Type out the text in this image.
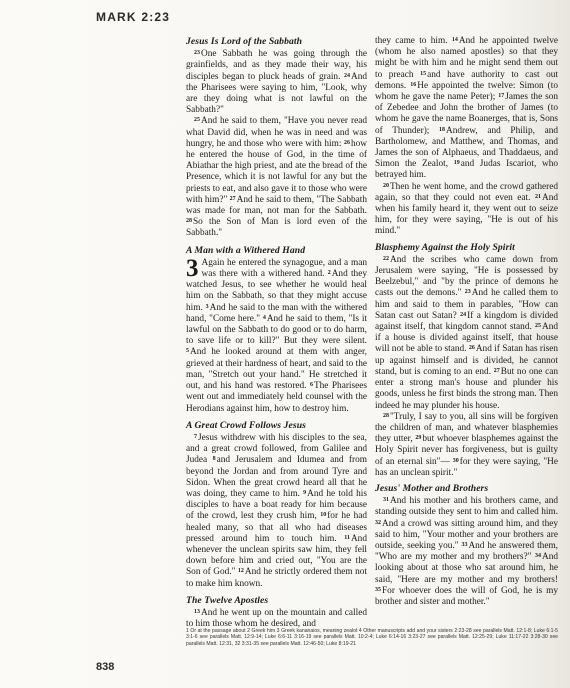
MARK 2:23
Jesus Is Lord of the Sabbath

$^{23}$One Sabbath he was going through the grainfields, and as they made their way, his disciples began to pluck heads of grain. $^{24}$And the Pharisees were saying to him, "Look, why are they doing what is not lawful on the Sabbath?"

$^{25}$And he said to them, "Have you never read what David did, when he was in need and was hungry, he and those who were with him: $^{26}$how he entered the house of God, in the time of Abiathar the high priest, and ate the bread of the Presence, which it is not lawful for any but the priests to eat, and also gave it to those who were with him?" $^{27}$And he said to them, "The Sabbath was made for man, not man for the Sabbath. $^{28}$So the Son of Man is lord even of the Sabbath."

A Man with a Withered Hand

3 Again he entered the synagogue, and a man was there with a withered hand. $^2$And they watched Jesus, to see whether he would heal him on the Sabbath, so that they might accuse him. $^3$And he said to the man with the withered hand, "Come here." $^4$And he said to them, "Is it lawful on the Sabbath to do good or to do harm, to save life or to kill?" But they were silent. $^5$And he looked around at them with anger, grieved at their hardness of heart, and said to the man, "Stretch out your hand." He stretched it out, and his hand was restored. $^6$The Pharisees went out and immediately held counsel with the Herodians against him, how to destroy him.

A Great Crowd Follows Jesus

$^7$Jesus withdrew with his disciples to the sea, and a great crowd followed, from Galilee and Judea $^8$and Jerusalem and Idumea and from beyond the Jordan and from around Tyre and Sidon. When the great crowd heard all that he was doing, they came to him. $^9$And he told his disciples to have a boat ready for him because of the crowd, lest they crush him, $^{10}$for he had healed many, so that all who had diseases pressed around him to touch him. $^{11}$And whenever the unclean spirits saw him, they fell down before him and cried out, "You are the Son of God." $^{12}$And he strictly ordered them not to make him known.

The Twelve Apostles

$^{13}$And he went up on the mountain and called to him those whom he desired, and

they came to him. $^{14}$And he appointed twelve (whom he also named apostles) so that they might be with him and he might send them out to preach $^{15}$and have authority to cast out demons. $^{16}$He appointed the twelve: Simon (to whom he gave the name Peter); $^{17}$James the son of Zebedee and John the brother of James (to whom he gave the name Boanerges, that is, Sons of Thunder); $^{18}$Andrew, and Philip, and Bartholomew, and Matthew, and Thomas, and James the son of Alphaeus, and Thaddaeus, and Simon the Zealot, $^{19}$and Judas Iscariot, who betrayed him.

$^{20}$Then he went home, and the crowd gathered again, so that they could not even eat. $^{21}$And when his family heard it, they went out to seize him, for they were saying, "He is out of his mind."

Blasphemy Against the Holy Spirit

$^{22}$And the scribes who came down from Jerusalem were saying, "He is possessed by Beelzebul," and "by the prince of demons he casts out the demons." $^{23}$And he called them to him and said to them in parables, "How can Satan cast out Satan? $^{24}$If a kingdom is divided against itself, that kingdom cannot stand. $^{25}$And if a house is divided against itself, that house will not be able to stand. $^{26}$And if Satan has risen up against himself and is divided, he cannot stand, but is coming to an end. $^{27}$But no one can enter a strong man's house and plunder his goods, unless he first binds the strong man. Then indeed he may plunder his house.

$^{28}$"Truly, I say to you, all sins will be forgiven the children of man, and whatever blasphemies they utter, $^{29}$but whoever blasphemes against the Holy Spirit never has forgiveness, but is guilty of an eternal sin"— $^{30}$for they were saying, "He has an unclean spirit."

Jesus' Mother and Brothers

$^{31}$And his mother and his brothers came, and standing outside they sent to him and called him. $^{32}$And a crowd was sitting around him, and they said to him, "Your mother and your brothers are outside, seeking you." $^{33}$And he answered them, "Who are my mother and my brothers?" $^{34}$And looking about at those who sat around him, he said, "Here are my mother and my brothers! $^{35}$For whoever does the will of God, he is my brother and sister and mother."

1 Or at the passage about 2 Greek him 3 Greek kananaios, meaning zealot 4 Other manuscripts add and your sisters 2:23-28 see parallels Matt. 12:1-8; Luke 6:1-5 3:1-6 see parallels Matt. 12:9-14; Luke 6:6-11 3:16-19 see parallels Matt. 10:2-4; Luke 6:14-16 3:23-27 see parallels Matt. 12:25-29; Luke 11:17-22 3:28-30 see parallels Matt. 12:31, 32 3:31-35 see parallels Matt. 12:46-50; Luke 8:19-21
838
